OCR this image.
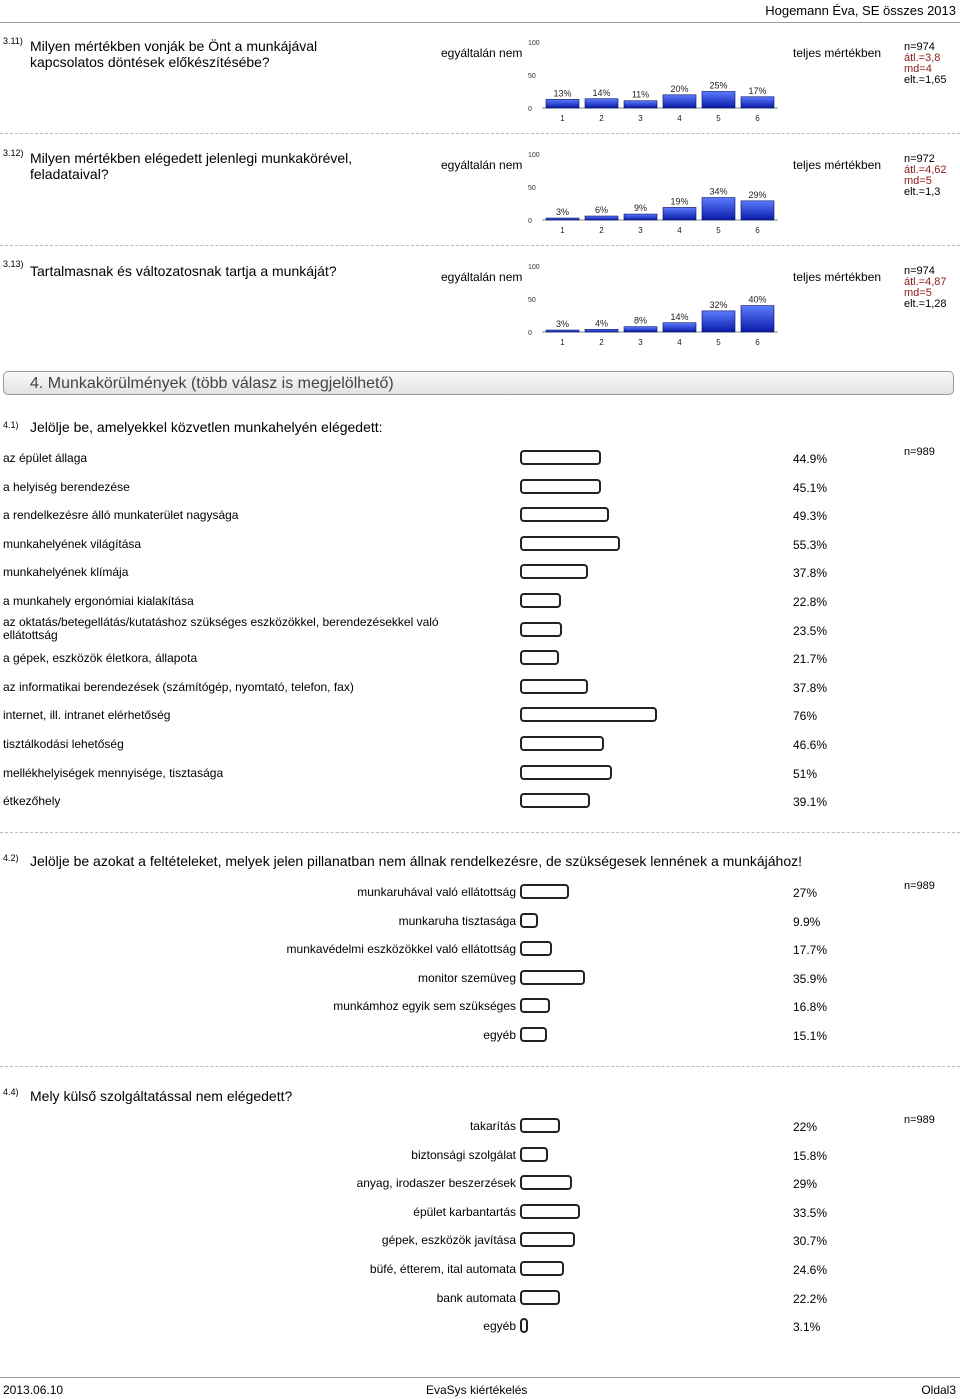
Hogemann Éva, SE összes 2013
3.11) Milyen mértékben vonják be Önt a munkájával kapcsolatos döntések előkészítésébe?
egyáltalán nem
100
50
0
13%
1
14%
2
11%
3
20%
4
25%
5
17%
6
teljes mértékben n=974
átl.=3,8
md=4
elt.=1,65
3.12) Milyen mértékben elégedett jelenlegi munkakörével, feladataival?
egyáltalán nem
100
50
0
3%
1
6%
2
9%
3
19%
4
34%
5
29%
6
teljes mértékben n=972
átl.=4,62
md=5
elt.=1,3
3.13) Tartalmasnak és változatosnak tartja a munkáját?	egyáltalán nem
100
50
0
3%
1
4%
2
8%
3
14%
4
32%
5
40%
6
teljes mértékben n=974
átl.=4,87
md=5
elt.=1,28
4. Munkakörülmények (több válasz is megjelölhető)
4.1) Jelölje be, amelyekkel közvetlen munkahelyén elégedett:
n=989
az épület állaga	44.9%
a helyiség berendezése	45.1%
a rendelkezésre álló munkaterület nagysága	49.3%
munkahelyének világítása	55.3%
munkahelyének klímája	37.8%
a munkahely ergonómiai kialakítása	22.8%
az oktatás/betegellátás/kutatáshoz szükséges eszközökkel, berendezésekkel való ellátottság	23.5%
a gépek, eszközök életkora, állapota	21.7%
az informatikai berendezések (számítógép, nyomtató, telefon, fax)	37.8%
internet, ill. intranet elérhetőség	76%
tisztálkodási lehetőség	46.6%
mellékhelyiségek mennyisége, tisztasága	51%
étkezőhely	39.1%
4.2) Jelölje be azokat a feltételeket, melyek jelen pillanatban nem állnak rendelkezésre, de szükségesek lennének a munkájához!
n=989
munkaruhával való ellátottság	27%
munkaruha tisztasága	9.9%
munkavédelmi eszközökkel való ellátottság	17.7%
monitor szemüveg	35.9%
munkámhoz egyik sem szükséges	16.8%
egyéb	15.1%
4.4) Mely külső szolgáltatással nem elégedett?
n=989
takarítás	22%
biztonsági szolgálat	15.8%
anyag, irodaszer beszerzések	29%
épület karbantartás	33.5%
gépek, eszközök javítása	30.7%
büfé, étterem, ital automata	24.6%
bank automata	22.2%
egyéb	3.1%
2013.06.10	EvaSys kiértékelés	Oldal3
